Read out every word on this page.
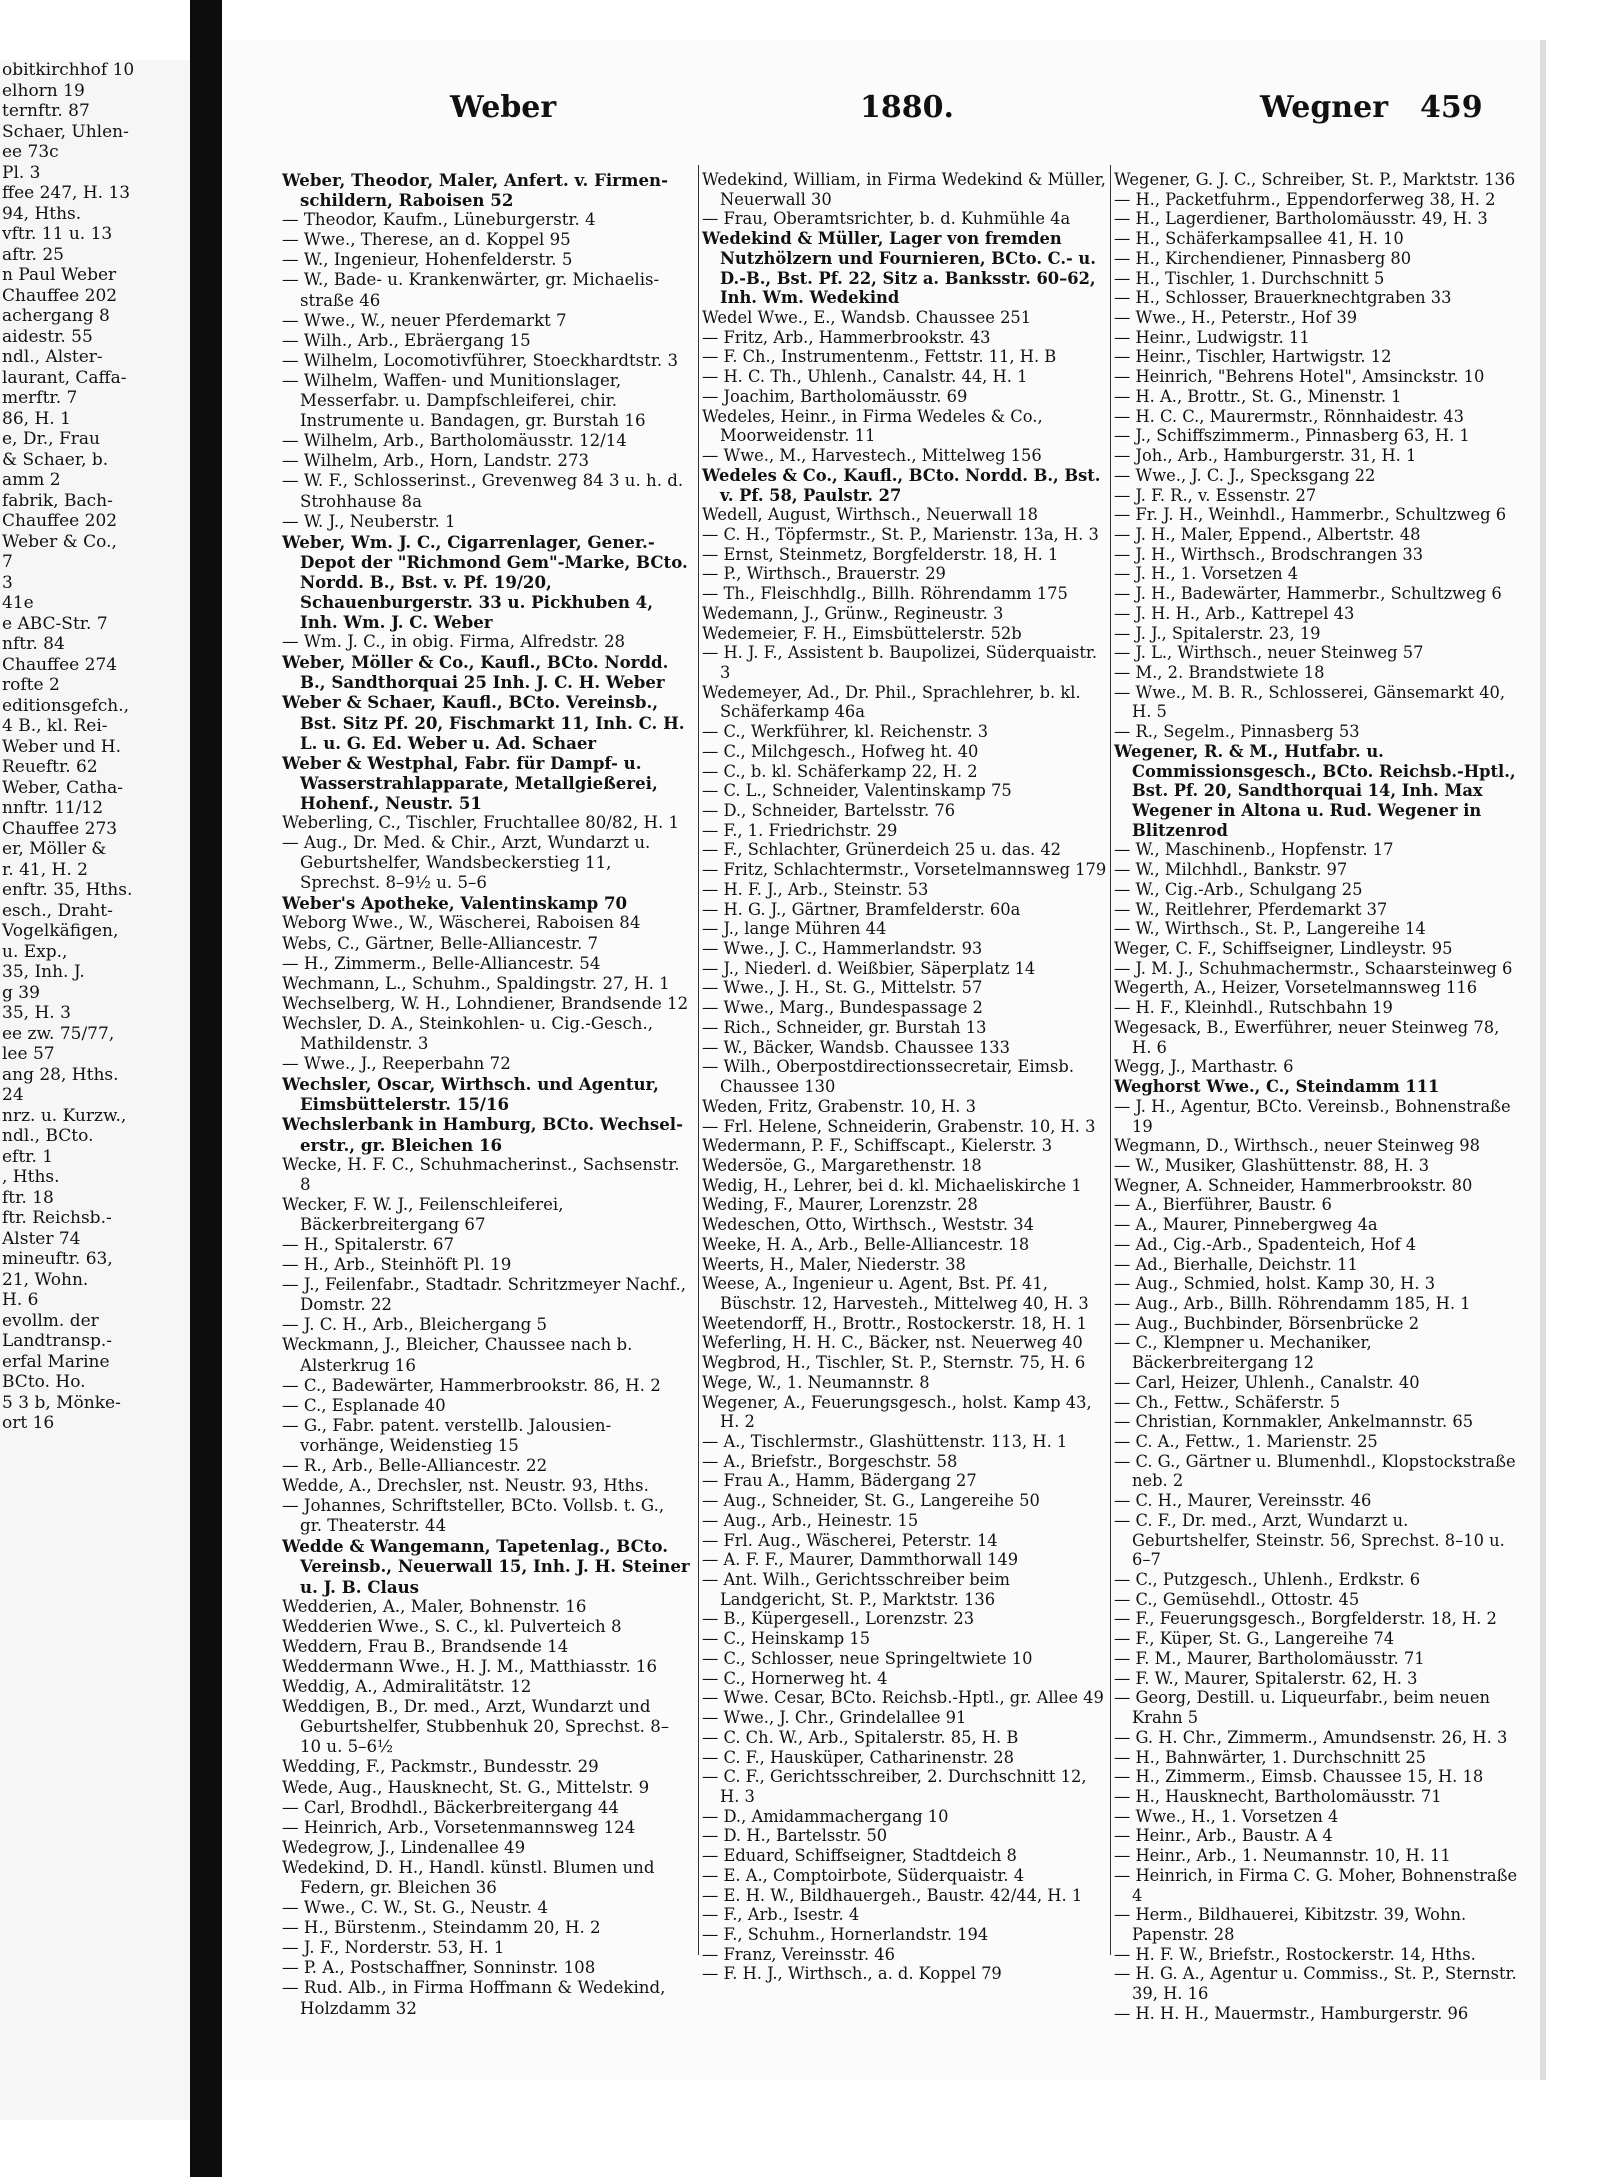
obitkirchhof 10
elhorn 19
ternftr. 87
Schaer, Uhlen-
ee 73c
Pl. 3
ffee 247, H. 13
94, Hths.
vftr. 11 u. 13
aftr. 25
n Paul Weber
Chauffee 202
achergang 8
aidestr. 55
ndl., Alster-
laurant, Caffa-
merftr. 7
86, H. 1
e, Dr., Frau
& Schaer, b.
amm 2
fabrik, Bach-
Chauffee 202
Weber & Co.,
7
3
41e
e ABC-Str. 7
nftr. 84
Chauffee 274
rofte 2
editionsgefch.,
4 B., kl. Rei-
Weber und H.
Reueftr. 62
Weber, Catha-
nnftr. 11/12
Chauffee 273
er, Möller &
r. 41, H. 2
enftr. 35, Hths.
esch., Draht-
Vogelkäfigen,
u. Exp.,
35, Inh. J.
g 39
35, H. 3
ee zw. 75/77,
lee 57
ang 28, Hths.
24
nrz. u. Kurzw.,
ndl., BCto.
eftr. 1
, Hths.
ftr. 18
ftr. Reichsb.-
Alster 74
mineuftr. 63,
21, Wohn.
H. 6
evollm. der
Landtransp.-
erfal Marine
BCto. Ho.
5 3 b, Mönke-
ort 16
Weber	1880.	Wegner 459
Weber, Theodor, Maler, Anfert. v. Firmen-schildern, Raboisen 52
— Theodor, Kaufm., Lüneburgerstr. 4
— Wwe., Therese, an d. Koppel 95
— W., Ingenieur, Hohenfelderstr. 5
— W., Bade- u. Krankenwärter, gr. Michaelis-straße 46
— Wwe., W., neuer Pferdemarkt 7
— Wilh., Arb., Ebräergang 15
— Wilhelm, Locomotivführer, Stoeckhardtstr. 3
— Wilhelm, Waffen- und Munitionslager, Messerfabr. u. Dampfschleiferei, chir. Instrumente u. Bandagen, gr. Burstah 16
— Wilhelm, Arb., Bartholomäusstr. 12/14
— Wilhelm, Arb., Horn, Landstr. 273
— W. F., Schlosserinst., Grevenweg 84 3 u. h. d. Strohhause 8a
— W. J., Neuberstr. 1
Weber, Wm. J. C., Cigarrenlager, Gener.-Depot der "Richmond Gem"-Marke, BCto. Nordd. B., Bst. v. Pf. 19/20, Schauenburgerstr. 33 u. Pickhuben 4, Inh. Wm. J. C. Weber
— Wm. J. C., in obig. Firma, Alfredstr. 28
Weber, Möller & Co., Kaufl., BCto. Nordd. B., Sandthorquai 25 Inh. J. C. H. Weber
Weber & Schaer, Kaufl., BCto. Vereinsb., Bst. Sitz Pf. 20, Fischmarkt 11, Inh. C. H. L. u. G. Ed. Weber u. Ad. Schaer
Weber & Westphal, Fabr. für Dampf- u. Wasserstrahlapparate, Metallgießerei, Hohenf., Neustr. 51
Weberling, C., Tischler, Fruchtallee 80/82, H. 1
— Aug., Dr. Med. & Chir., Arzt, Wundarzt u. Geburtshelfer, Wandsbeckerstieg 11, Sprechst. 8–9½ u. 5–6
Weber's Apotheke, Valentinskamp 70
Weborg Wwe., W., Wäscherei, Raboisen 84
Webs, C., Gärtner, Belle-Alliancestr. 7
— H., Zimmerm., Belle-Alliancestr. 54
Wechmann, L., Schuhm., Spaldingstr. 27, H. 1
Wechselberg, W. H., Lohndiener, Brandsende 12
Wechsler, D. A., Steinkohlen- u. Cig.-Gesch., Mathildenstr. 3
— Wwe., J., Reeperbahn 72
Wechsler, Oscar, Wirthsch. und Agentur, Eimsbüttelerstr. 15/16
Wechslerbank in Hamburg, BCto. Wechsel-erstr., gr. Bleichen 16
Wecke, H. F. C., Schuhmacherinst., Sachsenstr. 8
Wecker, F. W. J., Feilenschleiferei, Bäckerbreitergang 67
— H., Spitalerstr. 67
— H., Arb., Steinhöft Pl. 19
— J., Feilenfabr., Stadtadr. Schritzmeyer Nachf., Domstr. 22
— J. C. H., Arb., Bleichergang 5
Weckmann, J., Bleicher, Chaussee nach b. Alsterkrug 16
— C., Badewärter, Hammerbrookstr. 86, H. 2
— C., Esplanade 40
— G., Fabr. patent. verstellb. Jalousien-vorhänge, Weidenstieg 15
— R., Arb., Belle-Alliancestr. 22
Wedde, A., Drechsler, nst. Neustr. 93, Hths.
— Johannes, Schriftsteller, BCto. Vollsb. t. G., gr. Theaterstr. 44
Wedde & Wangemann, Tapetenlag., BCto. Vereinsb., Neuerwall 15, Inh. J. H. Steiner u. J. B. Claus
Wedderien, A., Maler, Bohnenstr. 16
Wedderien Wwe., S. C., kl. Pulverteich 8
Weddern, Frau B., Brandsende 14
Weddermann Wwe., H. J. M., Matthiasstr. 16
Weddig, A., Admiralitätstr. 12
Weddigen, B., Dr. med., Arzt, Wundarzt und Geburtshelfer, Stubbenhuk 20, Sprechst. 8–10 u. 5–6½
Wedding, F., Packmstr., Bundesstr. 29
Wede, Aug., Hausknecht, St. G., Mittelstr. 9
— Carl, Brodhdl., Bäckerbreitergang 44
— Heinrich, Arb., Vorsetenmannsweg 124
Wedegrow, J., Lindenallee 49
Wedekind, D. H., Handl. künstl. Blumen und Federn, gr. Bleichen 36
— Wwe., C. W., St. G., Neustr. 4
— H., Bürstenm., Steindamm 20, H. 2
— J. F., Norderstr. 53, H. 1
— P. A., Postschaffner, Sonninstr. 108
— Rud. Alb., in Firma Hoffmann & Wedekind, Holzdamm 32
Wedekind, William, in Firma Wedekind & Müller, Neuerwall 30
— Frau, Oberamtsrichter, b. d. Kuhmühle 4a
Wedekind & Müller, Lager von fremden Nutzhölzern und Fournieren, BCto. C.- u. D.-B., Bst. Pf. 22, Sitz a. Banksstr. 60–62, Inh. Wm. Wedekind
Wedel Wwe., E., Wandsb. Chaussee 251
— Fritz, Arb., Hammerbrookstr. 43
— F. Ch., Instrumentenm., Fettstr. 11, H. B
— H. C. Th., Uhlenh., Canalstr. 44, H. 1
— Joachim, Bartholomäusstr. 69
Wedeles, Heinr., in Firma Wedeles & Co., Moorweidenstr. 11
— Wwe., M., Harvestech., Mittelweg 156
Wedeles & Co., Kaufl., BCto. Nordd. B., Bst. v. Pf. 58, Paulstr. 27
Wedell, August, Wirthsch., Neuerwall 18
— C. H., Töpfermstr., St. P., Marienstr. 13a, H. 3
— Ernst, Steinmetz, Borgfelderstr. 18, H. 1
— P., Wirthsch., Brauerstr. 29
— Th., Fleischhdlg., Billh. Röhrendamm 175
Wedemann, J., Grünw., Regineustr. 3
Wedemeier, F. H., Eimsbüttelerstr. 52b
— H. J. F., Assistent b. Baupolizei, Süderquaistr. 3
Wedemeyer, Ad., Dr. Phil., Sprachlehrer, b. kl. Schäferkamp 46a
— C., Werkführer, kl. Reichenstr. 3
— C., Milchgesch., Hofweg ht. 40
— C., b. kl. Schäferkamp 22, H. 2
— C. L., Schneider, Valentinskamp 75
— D., Schneider, Bartelsstr. 76
— F., 1. Friedrichstr. 29
— F., Schlachter, Grünerdeich 25 u. das. 42
— Fritz, Schlachtermstr., Vorsetelmannsweg 179
— H. F. J., Arb., Steinstr. 53
— H. G. J., Gärtner, Bramfelderstr. 60a
— J., lange Mühren 44
— Wwe., J. C., Hammerlandstr. 93
— J., Niederl. d. Weißbier, Säperplatz 14
— Wwe., J. H., St. G., Mittelstr. 57
— Wwe., Marg., Bundespassage 2
— Rich., Schneider, gr. Burstah 13
— W., Bäcker, Wandsb. Chaussee 133
— Wilh., Oberpostdirectionssecretair, Eimsb. Chaussee 130
Weden, Fritz, Grabenstr. 10, H. 3
— Frl. Helene, Schneiderin, Grabenstr. 10, H. 3
Wedermann, P. F., Schiffscapt., Kielerstr. 3
Wedersöe, G., Margarethenstr. 18
Wedig, H., Lehrer, bei d. kl. Michaeliskirche 1
Weding, F., Maurer, Lorenzstr. 28
Wedeschen, Otto, Wirthsch., Weststr. 34
Weeke, H. A., Arb., Belle-Alliancestr. 18
Weerts, H., Maler, Niederstr. 38
Weese, A., Ingenieur u. Agent, Bst. Pf. 41, Büschstr. 12, Harvesteh., Mittelweg 40, H. 3
Weetendorff, H., Brottr., Rostockerstr. 18, H. 1
Weferling, H. H. C., Bäcker, nst. Neuerweg 40
Wegbrod, H., Tischler, St. P., Sternstr. 75, H. 6
Wege, W., 1. Neumannstr. 8
Wegener, A., Feuerungsgesch., holst. Kamp 43, H. 2
— A., Tischlermstr., Glashüttenstr. 113, H. 1
— A., Briefstr., Borgeschstr. 58
— Frau A., Hamm, Bädergang 27
— Aug., Schneider, St. G., Langereihe 50
— Aug., Arb., Heinestr. 15
— Frl. Aug., Wäscherei, Peterstr. 14
— A. F. F., Maurer, Dammthorwall 149
— Ant. Wilh., Gerichtsschreiber beim Landgericht, St. P., Marktstr. 136
— B., Küpergesell., Lorenzstr. 23
— C., Heinskamp 15
— C., Schlosser, neue Springeltwiete 10
— C., Hornerweg ht. 4
— Wwe. Cesar, BCto. Reichsb.-Hptl., gr. Allee 49
— Wwe., J. Chr., Grindelallee 91
— C. Ch. W., Arb., Spitalerstr. 85, H. B
— C. F., Hausküper, Catharinenstr. 28
— C. F., Gerichtsschreiber, 2. Durchschnitt 12, H. 3
— D., Amidammachergang 10
— D. H., Bartelsstr. 50
— Eduard, Schiffseigner, Stadtdeich 8
— E. A., Comptoirbote, Süderquaistr. 4
— E. H. W., Bildhauergeh., Baustr. 42/44, H. 1
— F., Arb., Isestr. 4
— F., Schuhm., Hornerlandstr. 194
— Franz, Vereinsstr. 46
— F. H. J., Wirthsch., a. d. Koppel 79
Wegener, G. J. C., Schreiber, St. P., Marktstr. 136
— H., Packetfuhrm., Eppendorferweg 38, H. 2
— H., Lagerdiener, Bartholomäusstr. 49, H. 3
— H., Schäferkampsallee 41, H. 10
— H., Kirchendiener, Pinnasberg 80
— H., Tischler, 1. Durchschnitt 5
— H., Schlosser, Brauerknechtgraben 33
— Wwe., H., Peterstr., Hof 39
— Heinr., Ludwigstr. 11
— Heinr., Tischler, Hartwigstr. 12
— Heinrich, "Behrens Hotel", Amsinckstr. 10
— H. A., Brottr., St. G., Minenstr. 1
— H. C. C., Maurermstr., Rönnhaidestr. 43
— J., Schiffszimmerm., Pinnasberg 63, H. 1
— Joh., Arb., Hamburgerstr. 31, H. 1
— Wwe., J. C. J., Specksgang 22
— J. F. R., v. Essenstr. 27
— Fr. J. H., Weinhdl., Hammerbr., Schultzweg 6
— J. H., Maler, Eppend., Albertstr. 48
— J. H., Wirthsch., Brodschrangen 33
— J. H., 1. Vorsetzen 4
— J. H., Badewärter, Hammerbr., Schultzweg 6
— J. H. H., Arb., Kattrepel 43
— J. J., Spitalerstr. 23, 19
— J. L., Wirthsch., neuer Steinweg 57
— M., 2. Brandstwiete 18
— Wwe., M. B. R., Schlosserei, Gänsemarkt 40, H. 5
— R., Segelm., Pinnasberg 53
Wegener, R. & M., Hutfabr. u. Commissionsgesch., BCto. Reichsb.-Hptl., Bst. Pf. 20, Sandthorquai 14, Inh. Max Wegener in Altona u. Rud. Wegener in Blitzenrod
— W., Maschinenb., Hopfenstr. 17
— W., Milchhdl., Bankstr. 97
— W., Cig.-Arb., Schulgang 25
— W., Reitlehrer, Pferdemarkt 37
— W., Wirthsch., St. P., Langereihe 14
Weger, C. F., Schiffseigner, Lindleystr. 95
— J. M. J., Schuhmachermstr., Schaarsteinweg 6
Wegerth, A., Heizer, Vorsetelmannsweg 116
— H. F., Kleinhdl., Rutschbahn 19
Wegesack, B., Ewerführer, neuer Steinweg 78, H. 6
Wegg, J., Marthastr. 6
Weghorst Wwe., C., Steindamm 111
— J. H., Agentur, BCto. Vereinsb., Bohnenstraße 19
Wegmann, D., Wirthsch., neuer Steinweg 98
— W., Musiker, Glashüttenstr. 88, H. 3
Wegner, A. Schneider, Hammerbrookstr. 80
— A., Bierführer, Baustr. 6
— A., Maurer, Pinnebergweg 4a
— Ad., Cig.-Arb., Spadenteich, Hof 4
— Ad., Bierhalle, Deichstr. 11
— Aug., Schmied, holst. Kamp 30, H. 3
— Aug., Arb., Billh. Röhrendamm 185, H. 1
— Aug., Buchbinder, Börsenbrücke 2
— C., Klempner u. Mechaniker, Bäckerbreitergang 12
— Carl, Heizer, Uhlenh., Canalstr. 40
— Ch., Fettw., Schäferstr. 5
— Christian, Kornmakler, Ankelmannstr. 65
— C. A., Fettw., 1. Marienstr. 25
— C. G., Gärtner u. Blumenhdl., Klopstockstraße neb. 2
— C. H., Maurer, Vereinsstr. 46
— C. F., Dr. med., Arzt, Wundarzt u. Geburtshelfer, Steinstr. 56, Sprechst. 8–10 u. 6–7
— C., Putzgesch., Uhlenh., Erdkstr. 6
— C., Gemüsehdl., Ottostr. 45
— F., Feuerungsgesch., Borgfelderstr. 18, H. 2
— F., Küper, St. G., Langereihe 74
— F. M., Maurer, Bartholomäusstr. 71
— F. W., Maurer, Spitalerstr. 62, H. 3
— Georg, Destill. u. Liqueurfabr., beim neuen Krahn 5
— G. H. Chr., Zimmerm., Amundsenstr. 26, H. 3
— H., Bahnwärter, 1. Durchschnitt 25
— H., Zimmerm., Eimsb. Chaussee 15, H. 18
— H., Hausknecht, Bartholomäusstr. 71
— Wwe., H., 1. Vorsetzen 4
— Heinr., Arb., Baustr. A 4
— Heinr., Arb., 1. Neumannstr. 10, H. 11
— Heinrich, in Firma C. G. Moher, Bohnenstraße 4
— Herm., Bildhauerei, Kibitzstr. 39, Wohn. Papenstr. 28
— H. F. W., Briefstr., Rostockerstr. 14, Hths.
— H. G. A., Agentur u. Commiss., St. P., Sternstr. 39, H. 16
— H. H. H., Mauermstr., Hamburgerstr. 96
